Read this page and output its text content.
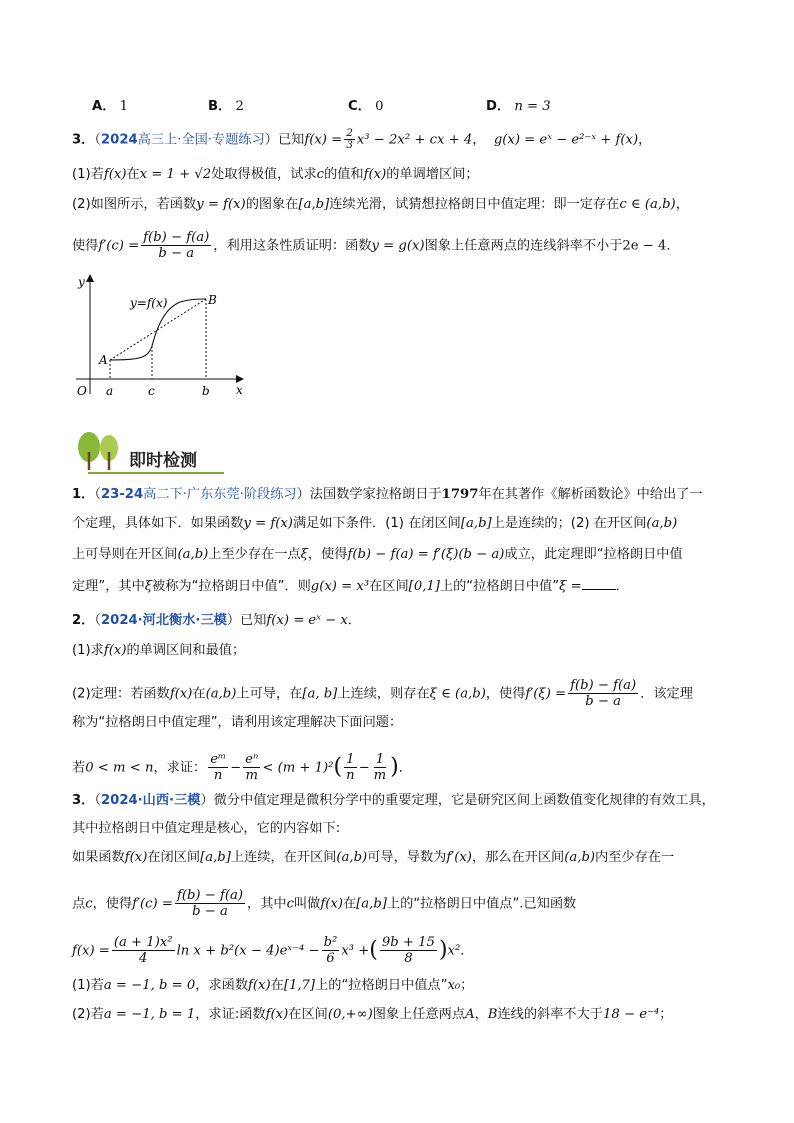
A． 1	B． 2	C． 0	D． n = 3
3．（2024高三上·全国·专题练习）已知$f(x) = \frac{2}{3} x^3 - 2x^2$ + cx + 4，  g(x) = eˣ − e²⁻ˣ + f(x)，
(1)若f(x)在x = 1 + √2处取得极值，试求c的值和f(x)的单调增区间；
(2)如图所示，若函数y = f(x)的图象在[a,b]连续光滑，试猜想拉格朗日中值定理：即一定存在c ∈ (a,b)，
使得$f'(c) = \frac{f(b) - f(a)}{b - a}$ ，利用这条性质证明：函数y = g(x)图象上任意两点的连线斜率不小于2e − 4．
y
x
O
y=f(x)
A
B
a	c	b
即时检测
1．（23-24高二下·广东东莞·阶段练习）法国数学家拉格朗日于1797年在其著作《解析函数论》中给出了一
个定理，具体如下．如果函数y = f(x)满足如下条件．(1) 在闭区间[a,b]上是连续的；(2) 在开区间(a,b)
上可导则在开区间(a,b)上至少存在一点ξ，使得f(b) − f(a) = f′(ξ)(b − a)成立，此定理即“拉格朗日中值
定理”，其中ξ被称为“拉格朗日中值”．则g(x) = x³在区间[0,1]上的“拉格朗日中值”ξ =	．
2．（2024·河北衡水·三模）已知f(x) = eˣ − x．
(1)求f(x)的单调区间和最值；
(2)定理：若函数f(x)在(a,b)上可导，在[a, b]上连续，则存在ξ ∈ (a,b)，使得$f'(\xi) = \frac{f(b) - f(a)}{b - a}$ ．该定理
称为“拉格朗日中值定理”，请利用该定理解决下面问题：
若0 < m < n，求证： $\frac{\text{eᵐ}}{n} - \frac{\text{eⁿ}}{m} < (m + 1)^2( \frac{1}{n} - \frac{1}{m}$ )．
3．（2024·山西·三模）微分中值定理是微积分学中的重要定理，它是研究区间上函数值变化规律的有效工具，
其中拉格朗日中值定理是核心，它的内容如下:
如果函数f(x)在闭区间[a,b]上连续，在开区间(a,b)可导，导数为f′(x)，那么在开区间(a,b)内至少存在一
点c，使得$f'(c) = \frac{f(b) - f(a)}{b - a}$ ，其中c叫做f(x)在[a,b]上的“拉格朗日中值点”.已知函数
$f(x) = \frac{\text{(a + 1)x²}}{4}$ ln x + b²(x − 4)eˣ⁻⁴ − $\frac{\text{b²}}{6} x^3$ +( $\frac{9b + 15}{8} )x^2$．
(1)若a = −1, b = 0，求函数f(x)在[1,7]上的“拉格朗日中值点”x₀；
(2)若a = −1, b = 1，求证:函数f(x)在区间(0,+∞)图象上任意两点A，B连线的斜率不大于18 − e⁻⁴；
